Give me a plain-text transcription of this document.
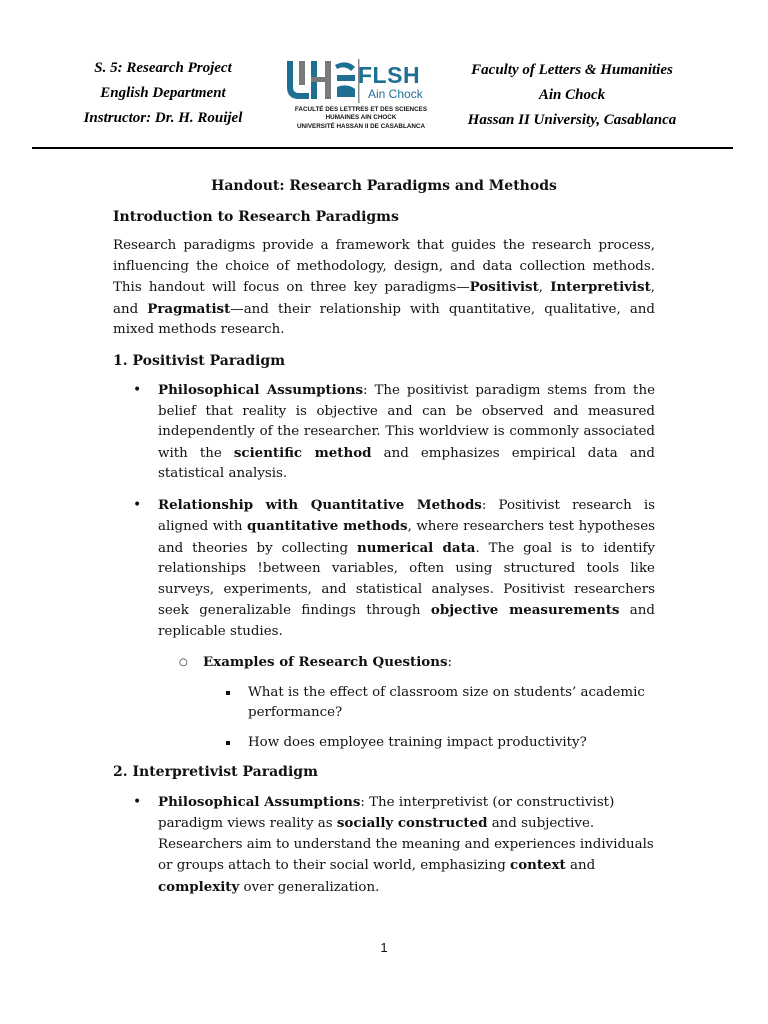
S. 5: Research Project
English Department
Instructor: Dr. H. Rouijel
FLSH
Ain Chock
FACULTÉ DES LETTRES ET DES SCIENCES
HUMAINES AIN CHOCK
UNIVERSITÉ HASSAN II DE CASABLANCA
Faculty of Letters & Humanities
Ain Chock
Hassan II University, Casablanca
Handout: Research Paradigms and Methods
Introduction to Research Paradigms

Research paradigms provide a framework that guides the research process, influencing the choice of methodology, design, and data collection methods. This handout will focus on three key paradigms—Positivist, Interpretivist, and Pragmatist—and their relationship with quantitative, qualitative, and mixed methods research.

1. Positivist Paradigm
• Philosophical Assumptions: The positivist paradigm stems from the belief that reality is objective and can be observed and measured independently of the researcher. This worldview is commonly associated with the scientific method and emphasizes empirical data and statistical analysis.
• Relationship with Quantitative Methods: Positivist research is aligned with quantitative methods, where researchers test hypotheses and theories by collecting numerical data. The goal is to identify relationships !between variables, often using structured tools like surveys, experiments, and statistical analyses. Positivist researchers seek generalizable findings through objective measurements and replicable studies.
○ Examples of Research Questions:
What is the effect of classroom size on students’ academic performance?
How does employee training impact productivity?
2. Interpretivist Paradigm
• Philosophical Assumptions: The interpretivist (or constructivist) paradigm views reality as socially constructed and subjective. Researchers aim to understand the meaning and experiences individuals or groups attach to their social world, emphasizing context and complexity over generalization.
1
